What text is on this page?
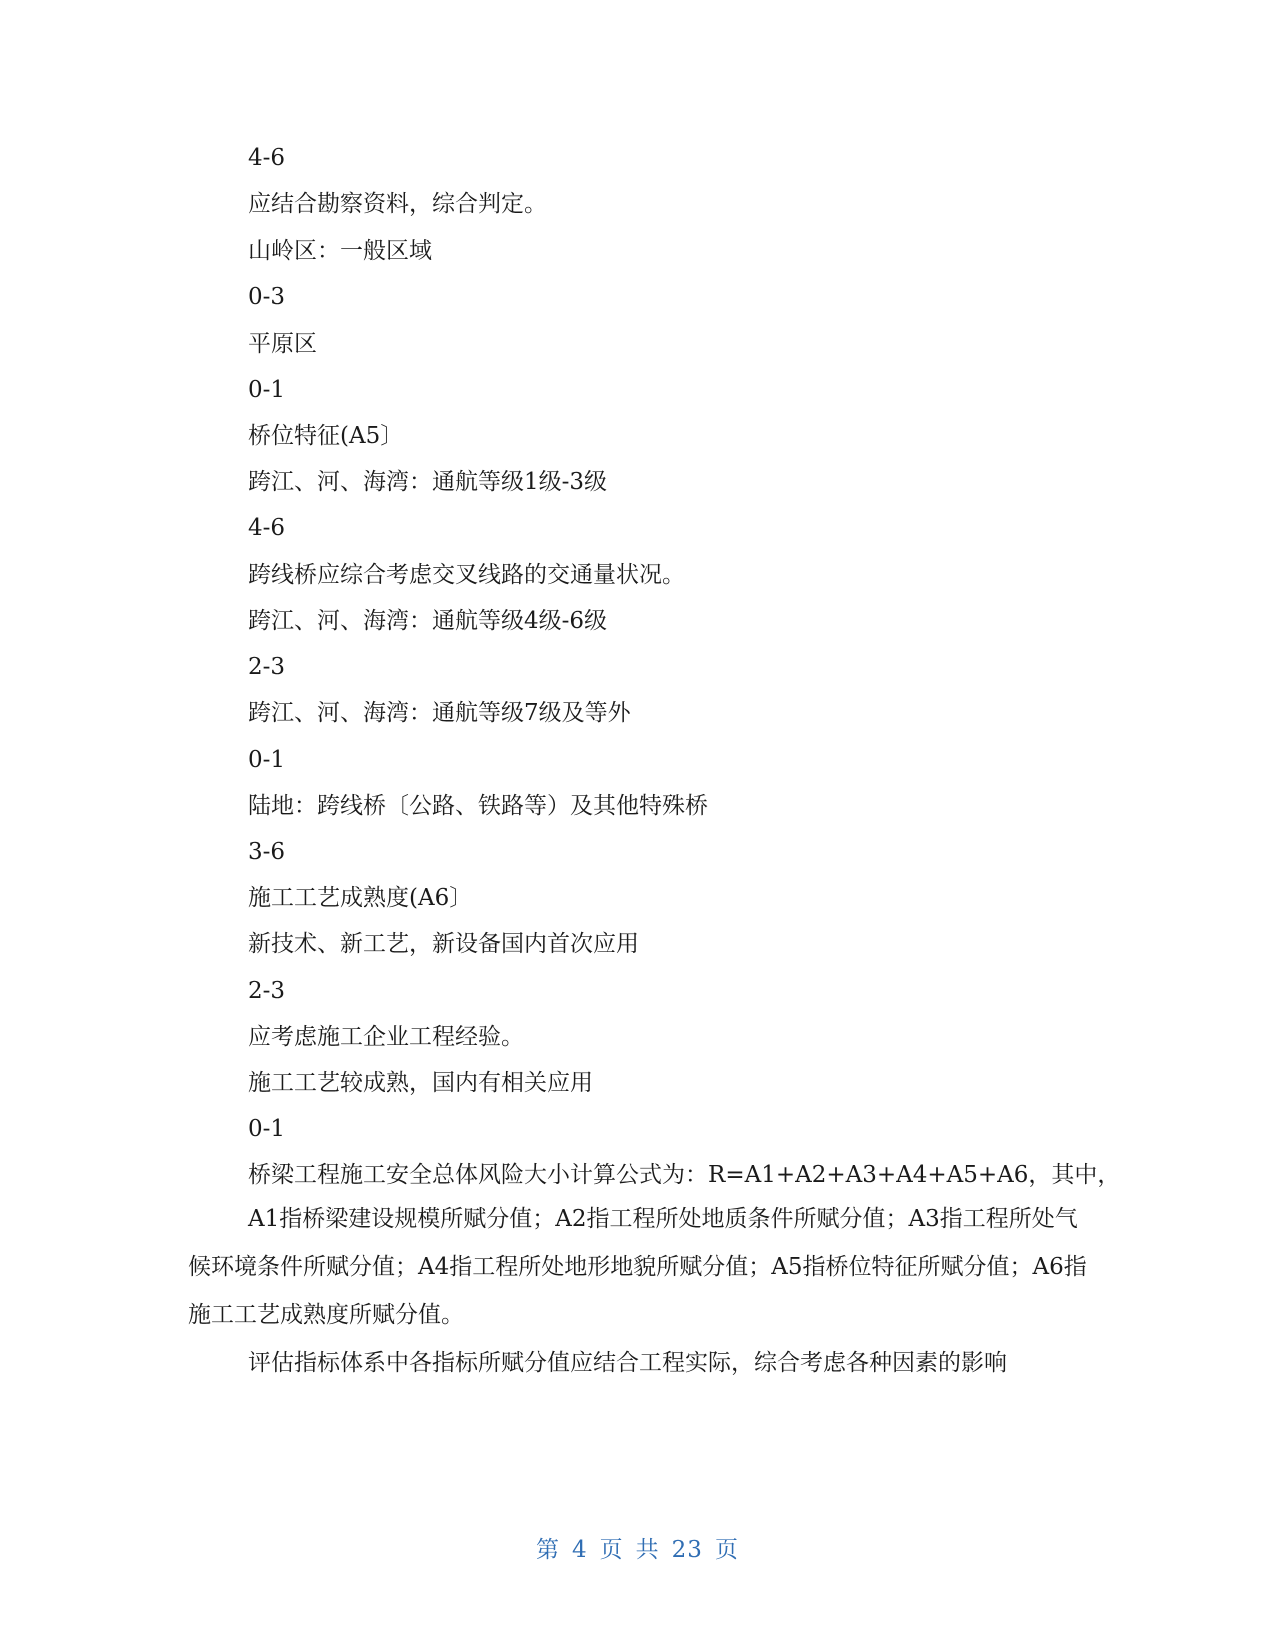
4-6
应结合勘察资料，综合判定。
山岭区：一般区域
0-3
平原区
0-1
桥位特征(A5〕
跨江、河、海湾：通航等级1级-3级
4-6
跨线桥应综合考虑交叉线路的交通量状况。
跨江、河、海湾：通航等级4级-6级
2-3
跨江、河、海湾：通航等级7级及等外
0-1
陆地：跨线桥〔公路、铁路等）及其他特殊桥
3-6
施工工艺成熟度(A6〕
新技术、新工艺，新设备国内首次应用
2-3
应考虑施工企业工程经验。
施工工艺较成熟，国内有相关应用
0-1
桥梁工程施工安全总体风险大小计算公式为：R=A1+A2+A3+A4+A5+A6，其中，
A1指桥梁建设规模所赋分值；A2指工程所处地质条件所赋分值；A3指工程所处气候环境条件所赋分值；A4指工程所处地形地貌所赋分值；A5指桥位特征所赋分值；A6指施工工艺成熟度所赋分值。
评估指标体系中各指标所赋分值应结合工程实际，综合考虑各种因素的影响
第 4 页 共 23 页
